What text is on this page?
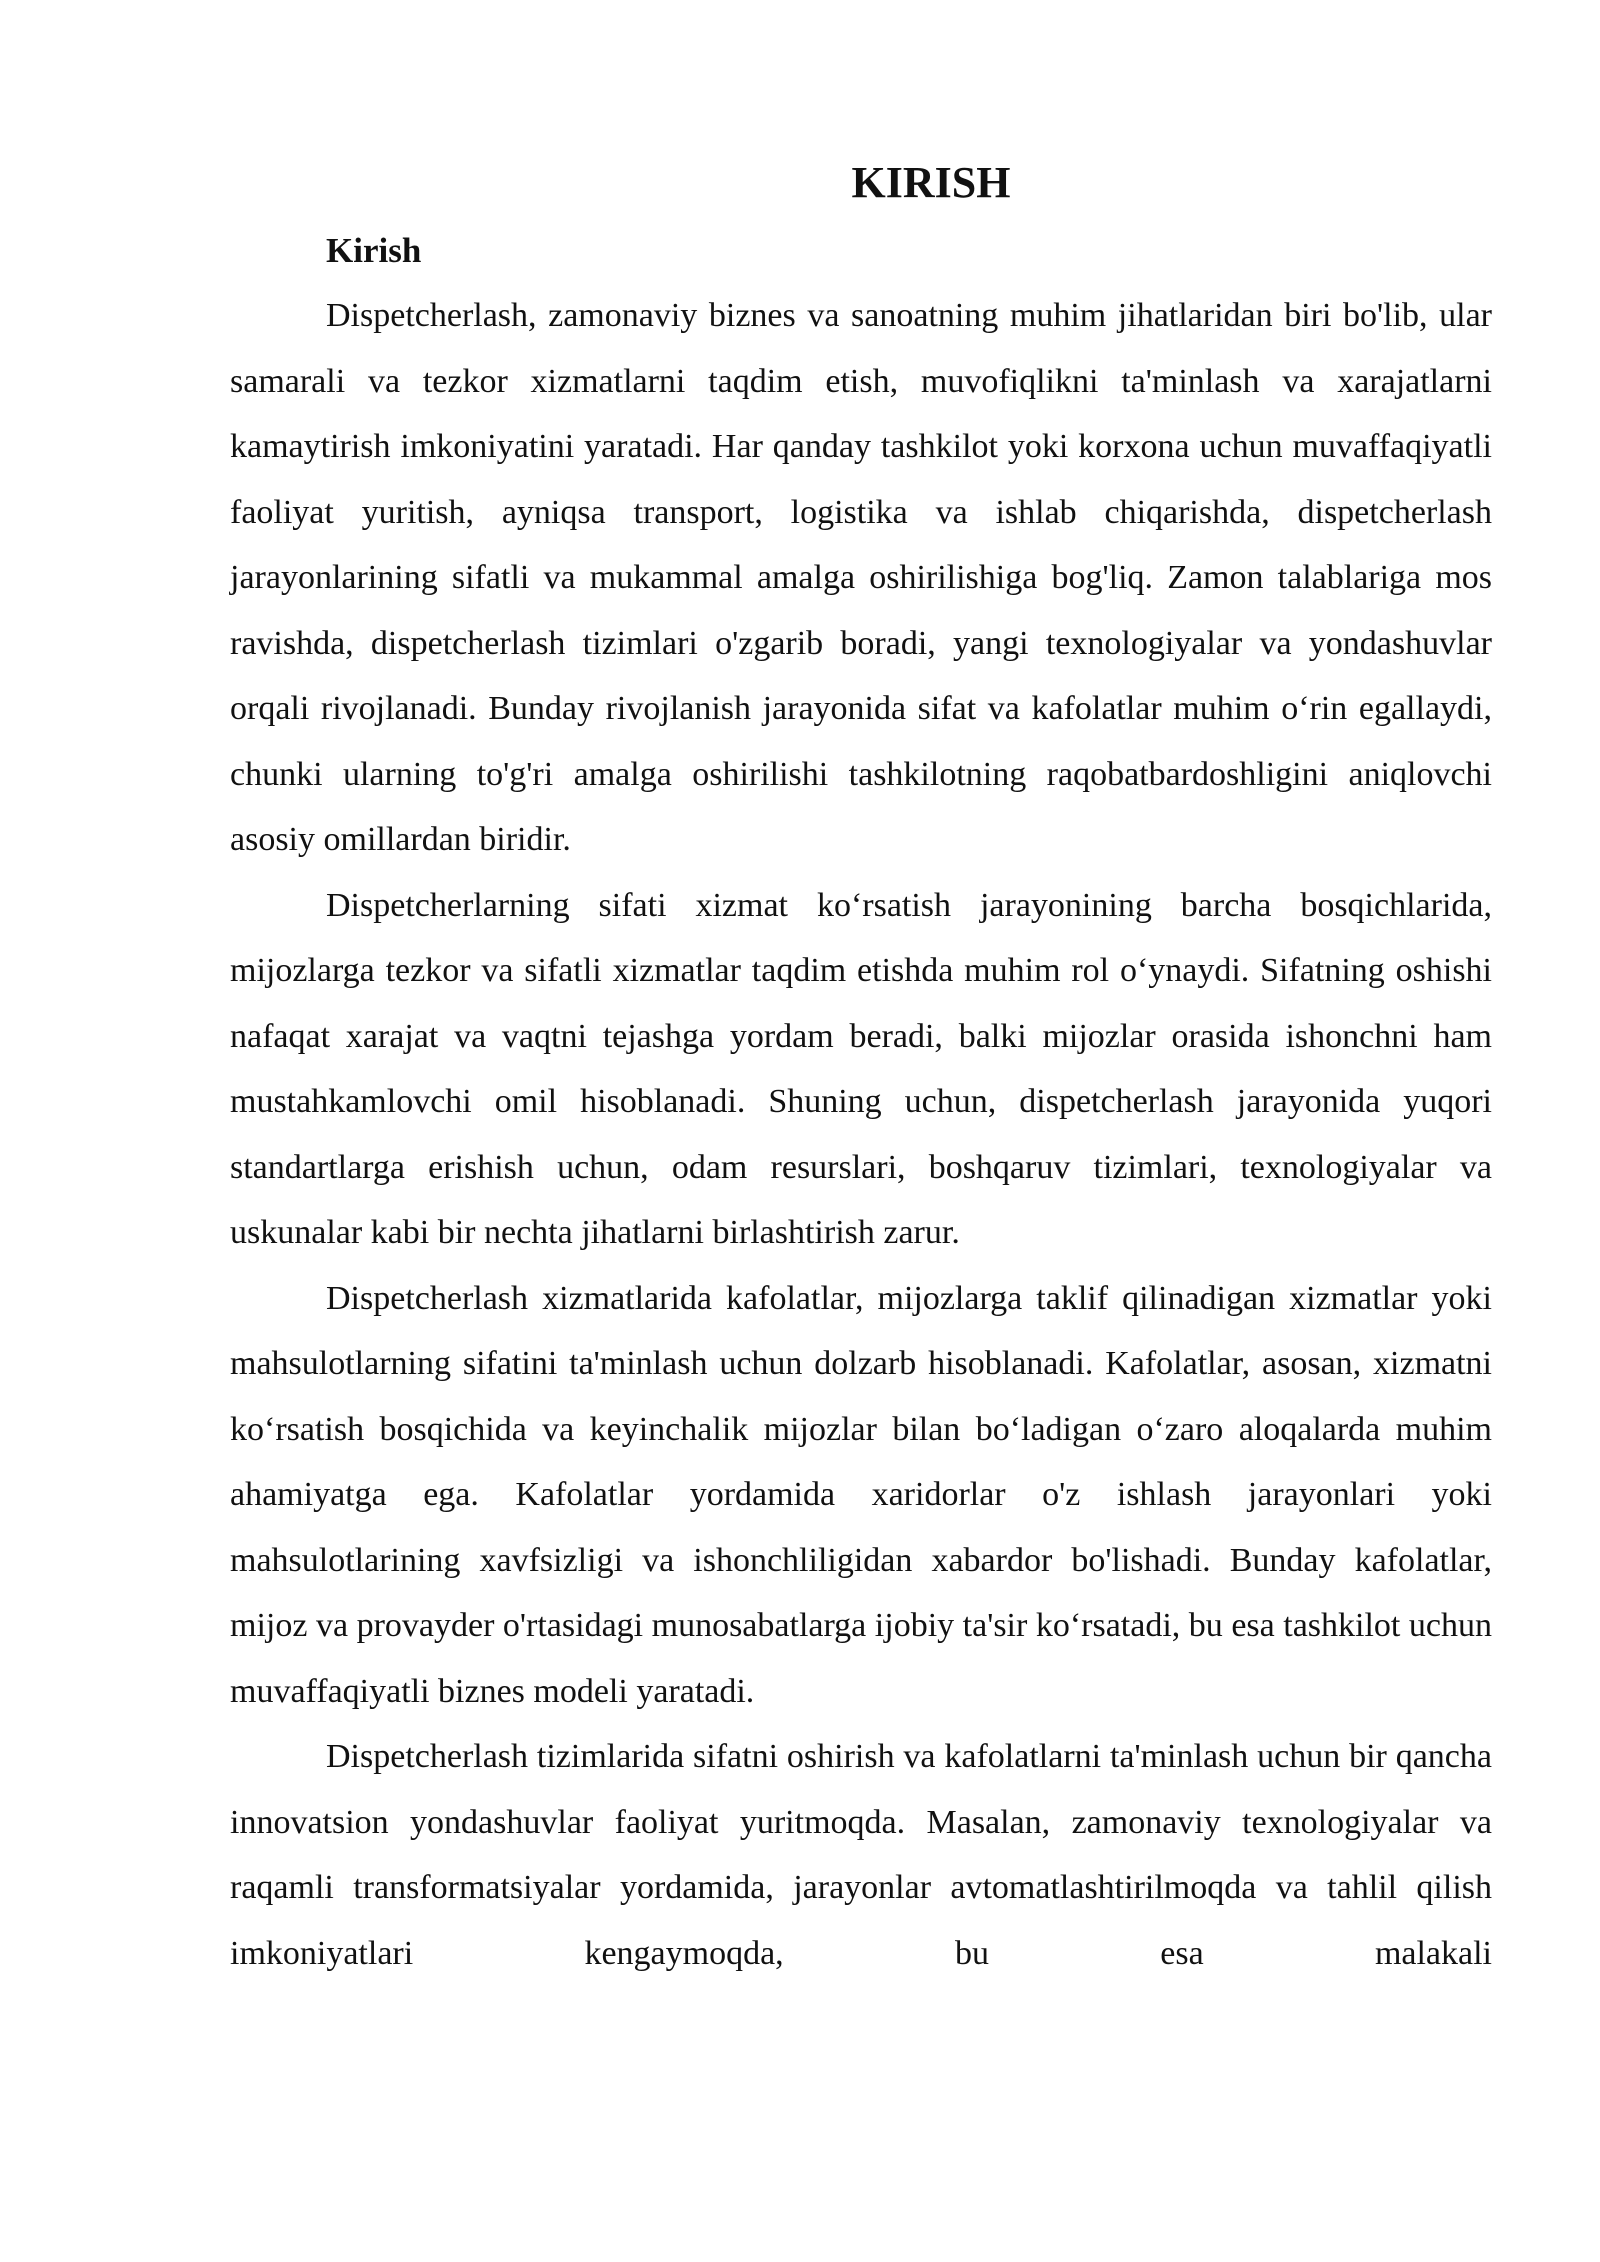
KIRISH
Kirish

Dispetcherlash, zamonaviy biznes va sanoatning muhim jihatlaridan biri bo'lib, ular samarali va tezkor xizmatlarni taqdim etish, muvofiqlikni ta'minlash va xarajatlarni kamaytirish imkoniyatini yaratadi. Har qanday tashkilot yoki korxona uchun muvaffaqiyatli faoliyat yuritish, ayniqsa transport, logistika va ishlab chiqarishda, dispetcherlash jarayonlarining sifatli va mukammal amalga oshirilishiga bog'liq. Zamon talablariga mos ravishda, dispetcherlash tizimlari o'zgarib boradi, yangi texnologiyalar va yondashuvlar orqali rivojlanadi. Bunday rivojlanish jarayonida sifat va kafolatlar muhim oʻrin egallaydi, chunki ularning to'g'ri amalga oshirilishi tashkilotning raqobatbardoshligini aniqlovchi asosiy omillardan biridir.

Dispetcherlarning sifati xizmat koʻrsatish jarayonining barcha bosqichlarida, mijozlarga tezkor va sifatli xizmatlar taqdim etishda muhim rol oʻynaydi. Sifatning oshishi nafaqat xarajat va vaqtni tejashga yordam beradi, balki mijozlar orasida ishonchni ham mustahkamlovchi omil hisoblanadi. Shuning uchun, dispetcherlash jarayonida yuqori standartlarga erishish uchun, odam resurslari, boshqaruv tizimlari, texnologiyalar va uskunalar kabi bir nechta jihatlarni birlashtirish zarur.

Dispetcherlash xizmatlarida kafolatlar, mijozlarga taklif qilinadigan xizmatlar yoki mahsulotlarning sifatini ta'minlash uchun dolzarb hisoblanadi. Kafolatlar, asosan, xizmatni koʻrsatish bosqichida va keyinchalik mijozlar bilan boʻladigan oʻzaro aloqalarda muhim ahamiyatga ega. Kafolatlar yordamida xaridorlar o'z ishlash jarayonlari yoki mahsulotlarining xavfsizligi va ishonchliligidan xabardor bo'lishadi. Bunday kafolatlar, mijoz va provayder o'rtasidagi munosabatlarga ijobiy ta'sir koʻrsatadi, bu esa tashkilot uchun muvaffaqiyatli biznes modeli yaratadi.

Dispetcherlash tizimlarida sifatni oshirish va kafolatlarni ta'minlash uchun bir qancha innovatsion yondashuvlar faoliyat yuritmoqda. Masalan, zamonaviy texnologiyalar va raqamli transformatsiyalar yordamida, jarayonlar avtomatlashtirilmoqda va tahlil qilish imkoniyatlari kengaymoqda, bu esa malakali
